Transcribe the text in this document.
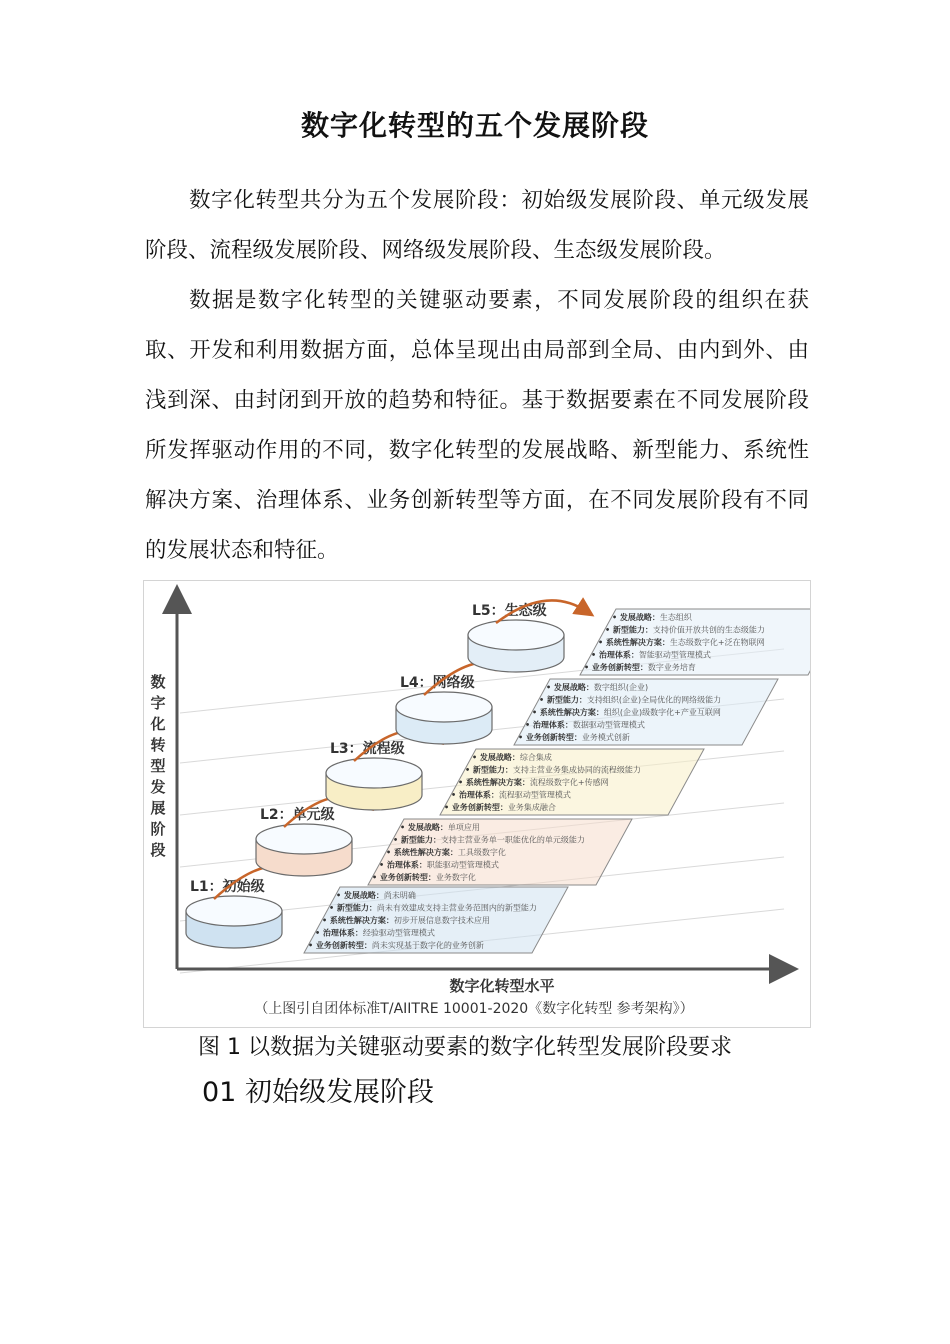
数字化转型的五个发展阶段

数字化转型共分为五个发展阶段：初始级发展阶段、单元级发展阶段、流程级发展阶段、网络级发展阶段、生态级发展阶段。

数据是数字化转型的关键驱动要素，不同发展阶段的组织在获取、开发和利用数据方面，总体呈现出由局部到全局、由内到外、由浅到深、由封闭到开放的趋势和特征。基于数据要素在不同发展阶段所发挥驱动作用的不同，数字化转型的发展战略、新型能力、系统性解决方案、治理体系、业务创新转型等方面，在不同发展阶段有不同的发展状态和特征。

数字化转型发展阶段
数字化转型水平
（上图引自团体标准T/AIITRE 10001-2020《数字化转型 参考架构》）
L1：初始级
• 发展战略：尚未明确
• 新型能力：尚未有效建成支持主营业务范围内的新型能力
• 系统性解决方案：初步开展信息数字技术应用
• 治理体系：经验驱动型管理模式
• 业务创新转型：尚未实现基于数字化的业务创新
L2：单元级
• 发展战略：单项应用
• 新型能力：支持主营业务单一职能优化的单元级能力
• 系统性解决方案：工具级数字化
• 治理体系：职能驱动型管理模式
• 业务创新转型：业务数字化
L3：流程级
• 发展战略：综合集成
• 新型能力：支持主营业务集成协同的流程级能力
• 系统性解决方案：流程级数字化+传感网
• 治理体系：流程驱动型管理模式
• 业务创新转型：业务集成融合
L4：网络级	• 发展战略：数字组织(企业)
• 新型能力：支持组织(企业)全局优化的网络级能力
• 系统性解决方案：组织(企业)级数字化+产业互联网
• 治理体系：数据驱动型管理模式
• 业务创新转型：业务模式创新
L5：生态级	• 发展战略：生态组织
• 新型能力：支持价值开放共创的生态级能力
• 系统性解决方案：生态级数字化+泛在物联网
• 治理体系：智能驱动型管理模式
• 业务创新转型：数字业务培育

图 1 以数据为关键驱动要素的数字化转型发展阶段要求

01 初始级发展阶段
